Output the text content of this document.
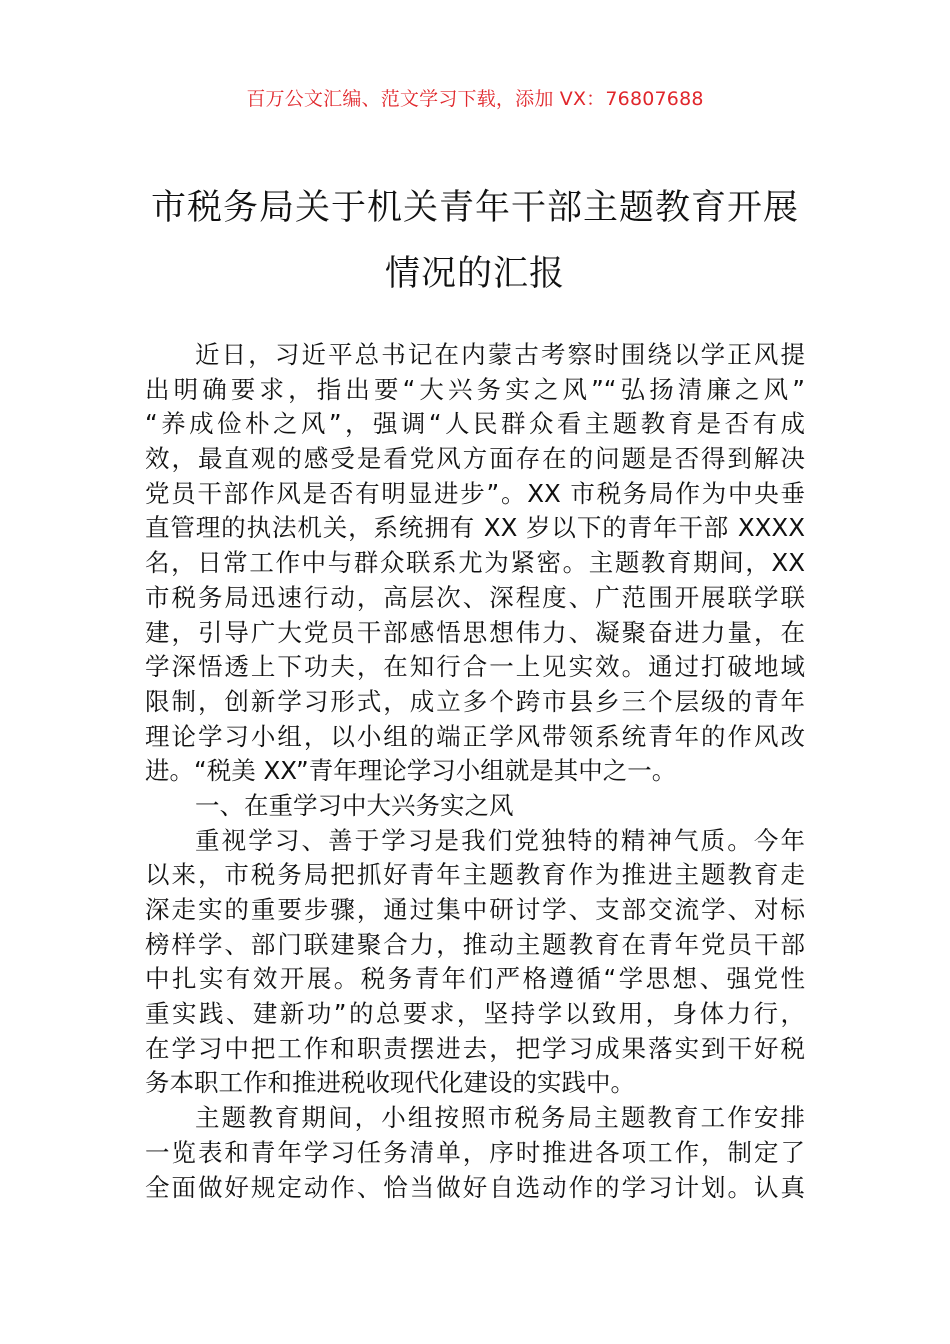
百万公文汇编、范文学习下载，添加 VX：76807688
市税务局关于机关青年干部主题教育开展
情况的汇报
近日，习近平总书记在内蒙古考察时围绕以学正风提
出明确要求，指出要“大兴务实之风”“弘扬清廉之风”
“养成俭朴之风”，强调“人民群众看主题教育是否有成
效，最直观的感受是看党风方面存在的问题是否得到解决
党员干部作风是否有明显进步”。XX 市税务局作为中央垂
直管理的执法机关，系统拥有 XX 岁以下的青年干部 XXXX
名，日常工作中与群众联系尤为紧密。主题教育期间，XX
市税务局迅速行动，高层次、深程度、广范围开展联学联
建，引导广大党员干部感悟思想伟力、凝聚奋进力量，在
学深悟透上下功夫，在知行合一上见实效。通过打破地域
限制，创新学习形式，成立多个跨市县乡三个层级的青年
理论学习小组，以小组的端正学风带领系统青年的作风改
进。“税美 XX”青年理论学习小组就是其中之一。
一、在重学习中大兴务实之风
重视学习、善于学习是我们党独特的精神气质。今年
以来，市税务局把抓好青年主题教育作为推进主题教育走
深走实的重要步骤，通过集中研讨学、支部交流学、对标
榜样学、部门联建聚合力，推动主题教育在青年党员干部
中扎实有效开展。税务青年们严格遵循“学思想、强党性
重实践、建新功”的总要求，坚持学以致用，身体力行，
在学习中把工作和职责摆进去，把学习成果落实到干好税
务本职工作和推进税收现代化建设的实践中。
主题教育期间，小组按照市税务局主题教育工作安排
一览表和青年学习任务清单，序时推进各项工作，制定了
全面做好规定动作、恰当做好自选动作的学习计划。认真
